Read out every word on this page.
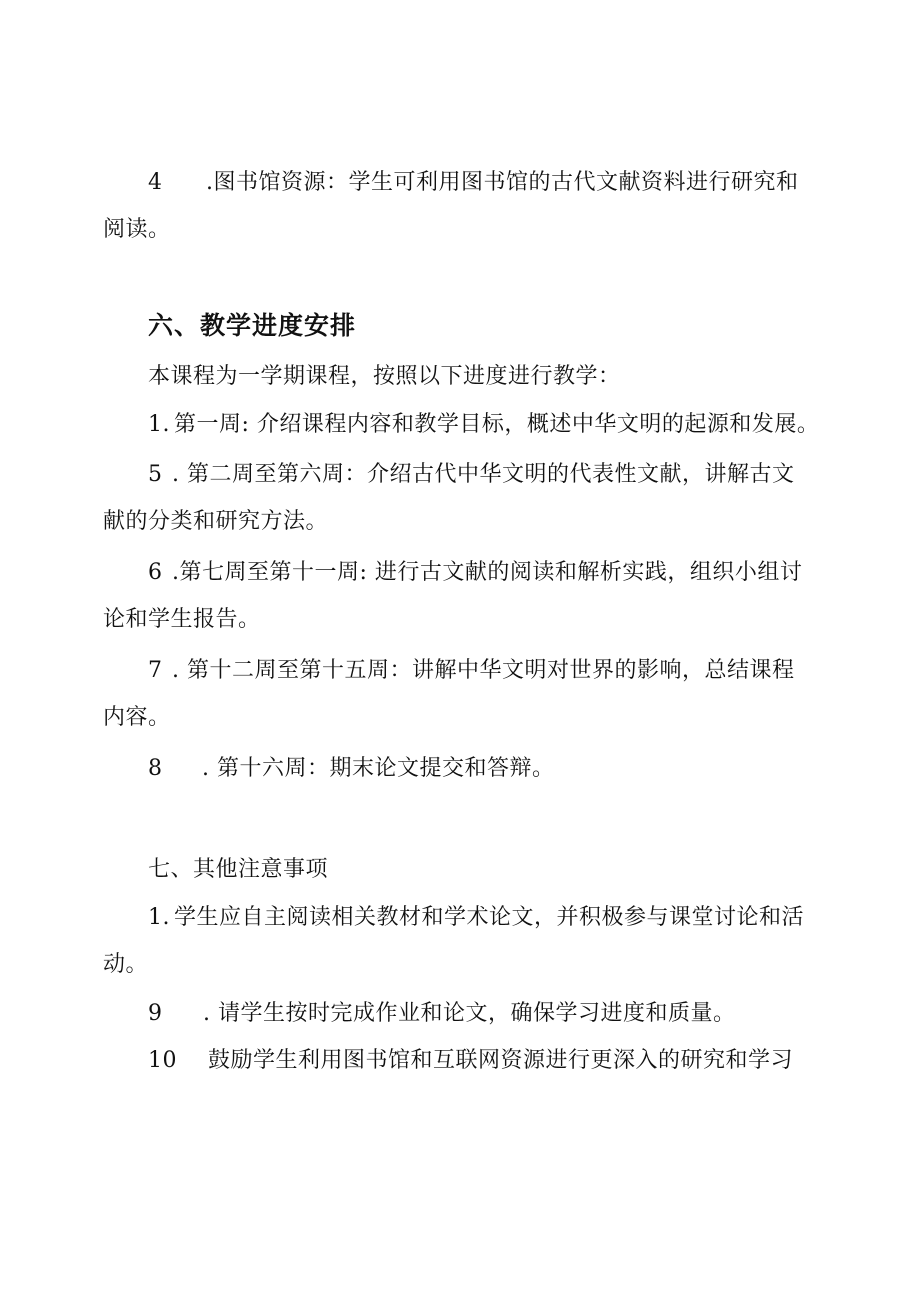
4 .图书馆资源：学生可利用图书馆的古代文献资料进行研究和
阅读。
六、教学进度安排
本课程为一学期课程，按照以下进度进行教学：
1. 第一周: 介绍课程内容和教学目标，概述中华文明的起源和发展。
5 . 第二周至第六周：介绍古代中华文明的代表性文献，讲解古文
献的分类和研究方法。
6 .第七周至第十一周: 进行古文献的阅读和解析实践，组织小组讨
论和学生报告。
7 . 第十二周至第十五周：讲解中华文明对世界的影响，总结课程
内容。
8 . 第十六周：期末论文提交和答辩。
七、其他注意事项
1. 学生应自主阅读相关教材和学术论文，并积极参与课堂讨论和活
动。
9 . 请学生按时完成作业和论文，确保学习进度和质量。
10 鼓励学生利用图书馆和互联网资源进行更深入的研究和学习
